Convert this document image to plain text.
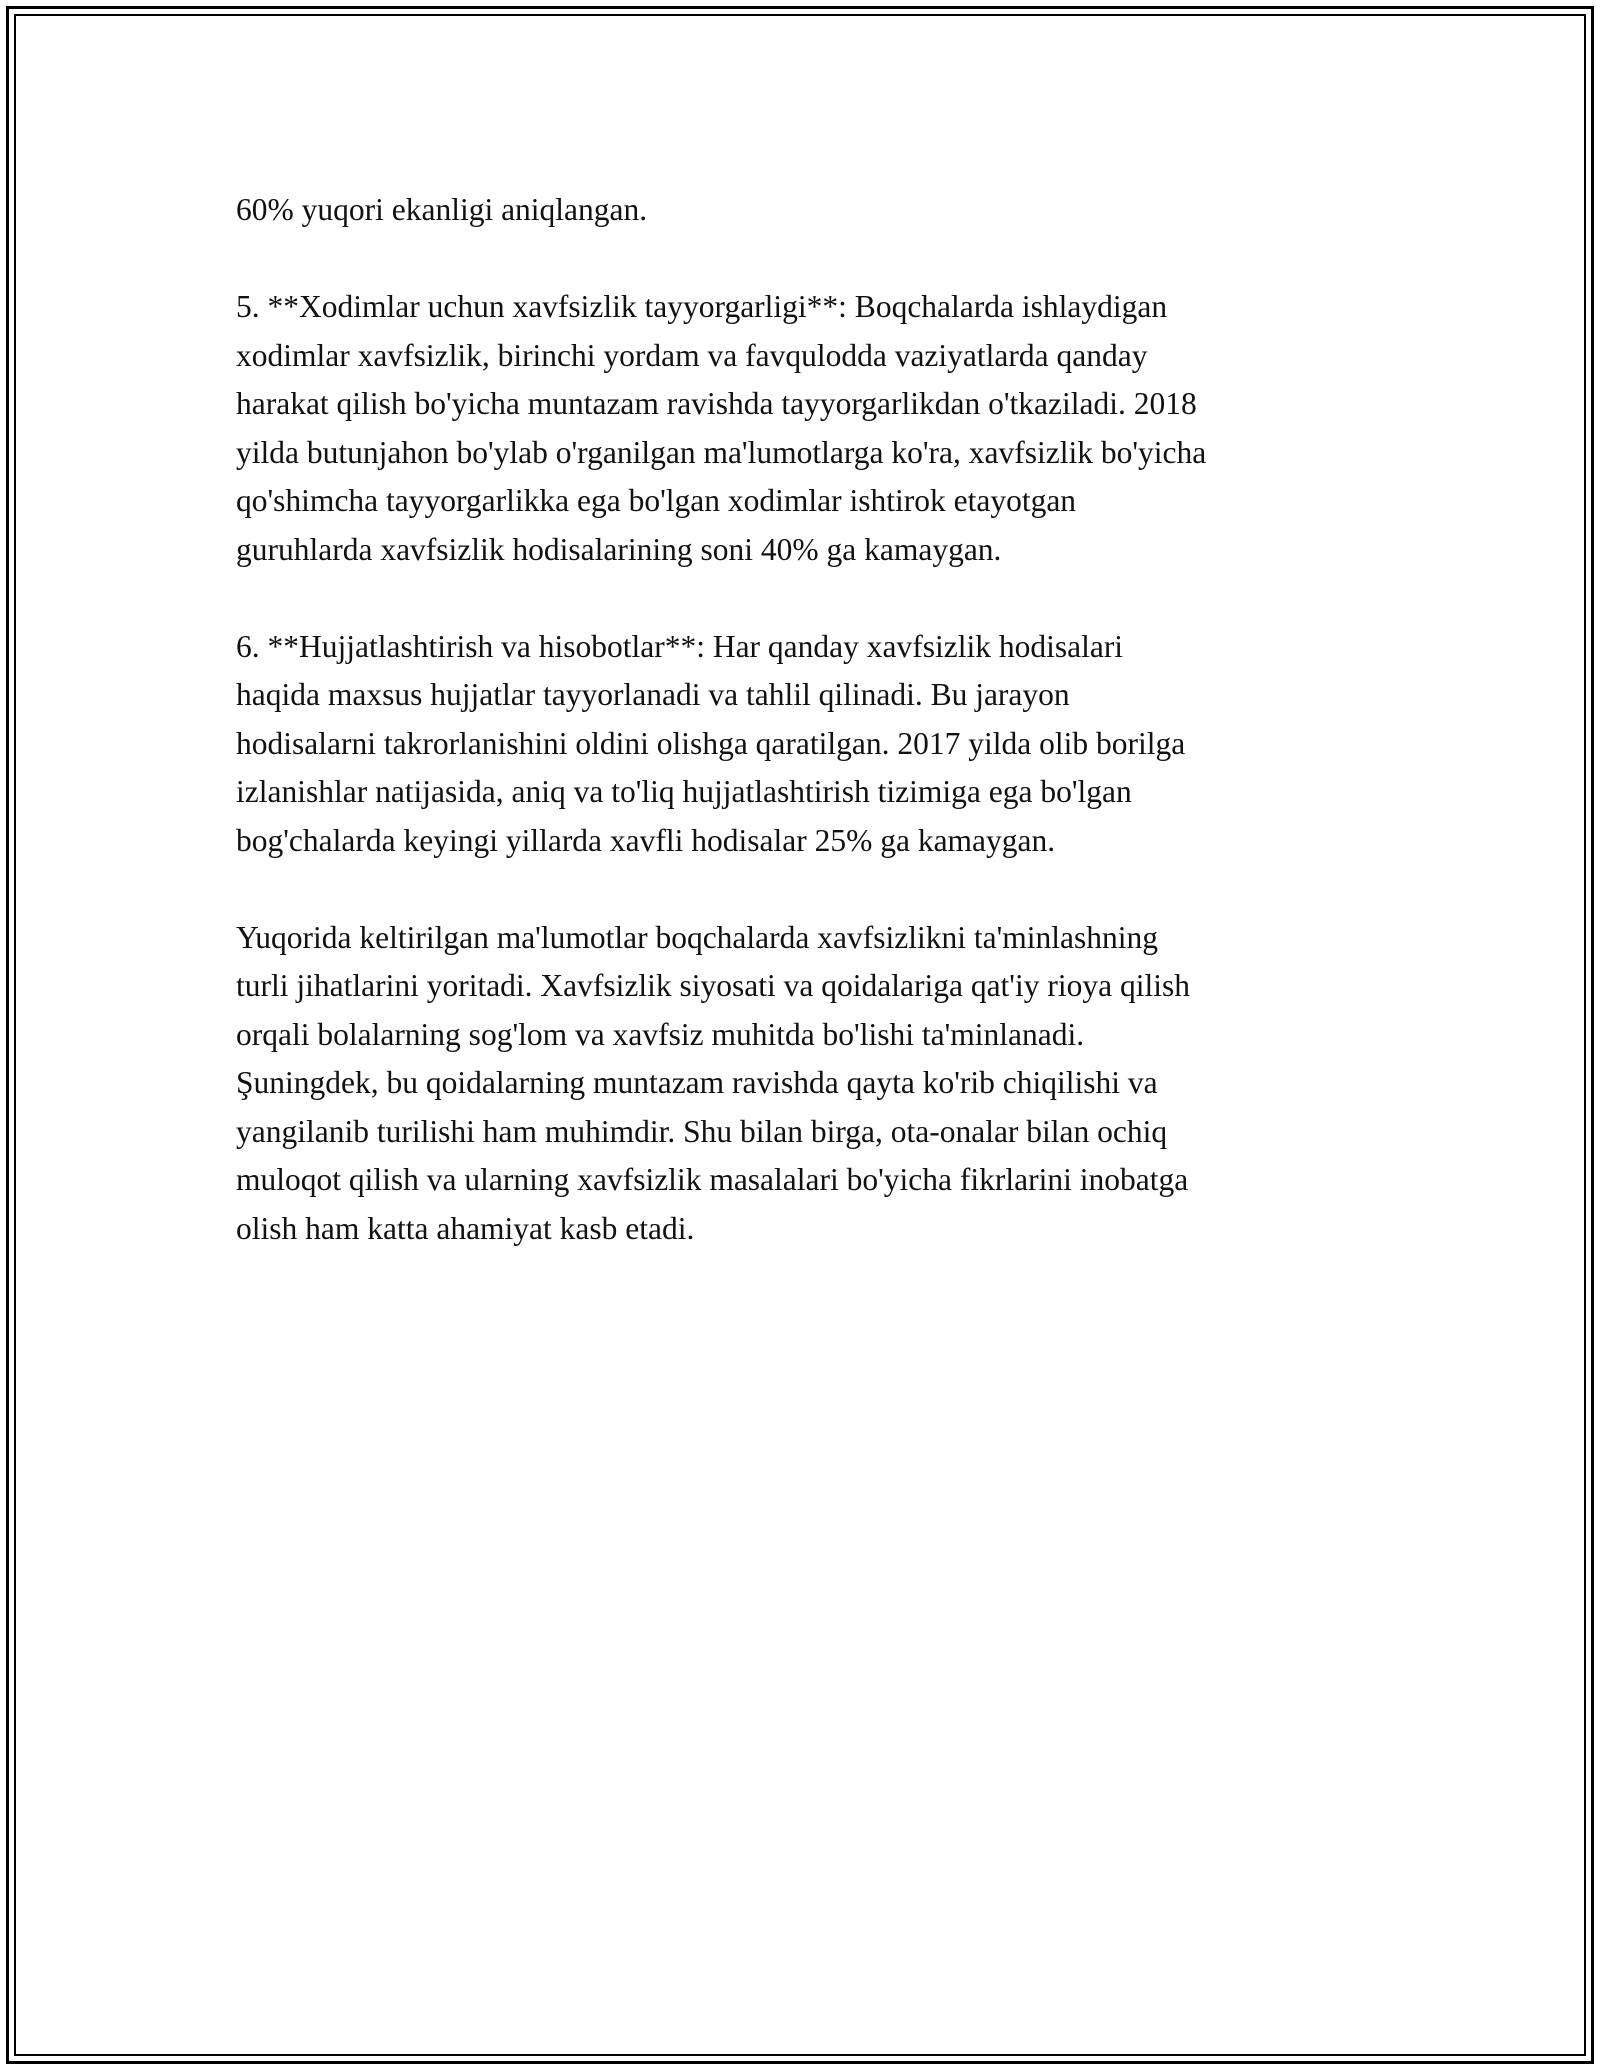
60% yuqori ekanligi aniqlangan.

5. **Xodimlar uchun xavfsizlik tayyorgarligi**: Boqchalarda ishlaydigan
xodimlar xavfsizlik, birinchi yordam va favqulodda vaziyatlarda qanday
harakat qilish bo'yicha muntazam ravishda tayyorgarlikdan o'tkaziladi. 2018
yilda butunjahon bo'ylab o'rganilgan ma'lumotlarga ko'ra, xavfsizlik bo'yicha
qo'shimcha tayyorgarlikka ega bo'lgan xodimlar ishtirok etayotgan
guruhlarda xavfsizlik hodisalarining soni 40% ga kamaygan.

6. **Hujjatlashtirish va hisobotlar**: Har qanday xavfsizlik hodisalari
haqida maxsus hujjatlar tayyorlanadi va tahlil qilinadi. Bu jarayon
hodisalarni takrorlanishini oldini olishga qaratilgan. 2017 yilda olib borilga
izlanishlar natijasida, aniq va to'liq hujjatlashtirish tizimiga ega bo'lgan
bog'chalarda keyingi yillarda xavfli hodisalar 25% ga kamaygan.

Yuqorida keltirilgan ma'lumotlar boqchalarda xavfsizlikni ta'minlashning
turli jihatlarini yoritadi. Xavfsizlik siyosati va qoidalariga qat'iy rioya qilish
orqali bolalarning sog'lom va xavfsiz muhitda bo'lishi ta'minlanadi.
Şuningdek, bu qoidalarning muntazam ravishda qayta ko'rib chiqilishi va
yangilanib turilishi ham muhimdir. Shu bilan birga, ota-onalar bilan ochiq
muloqot qilish va ularning xavfsizlik masalalari bo'yicha fikrlarini inobatga
olish ham katta ahamiyat kasb etadi.
